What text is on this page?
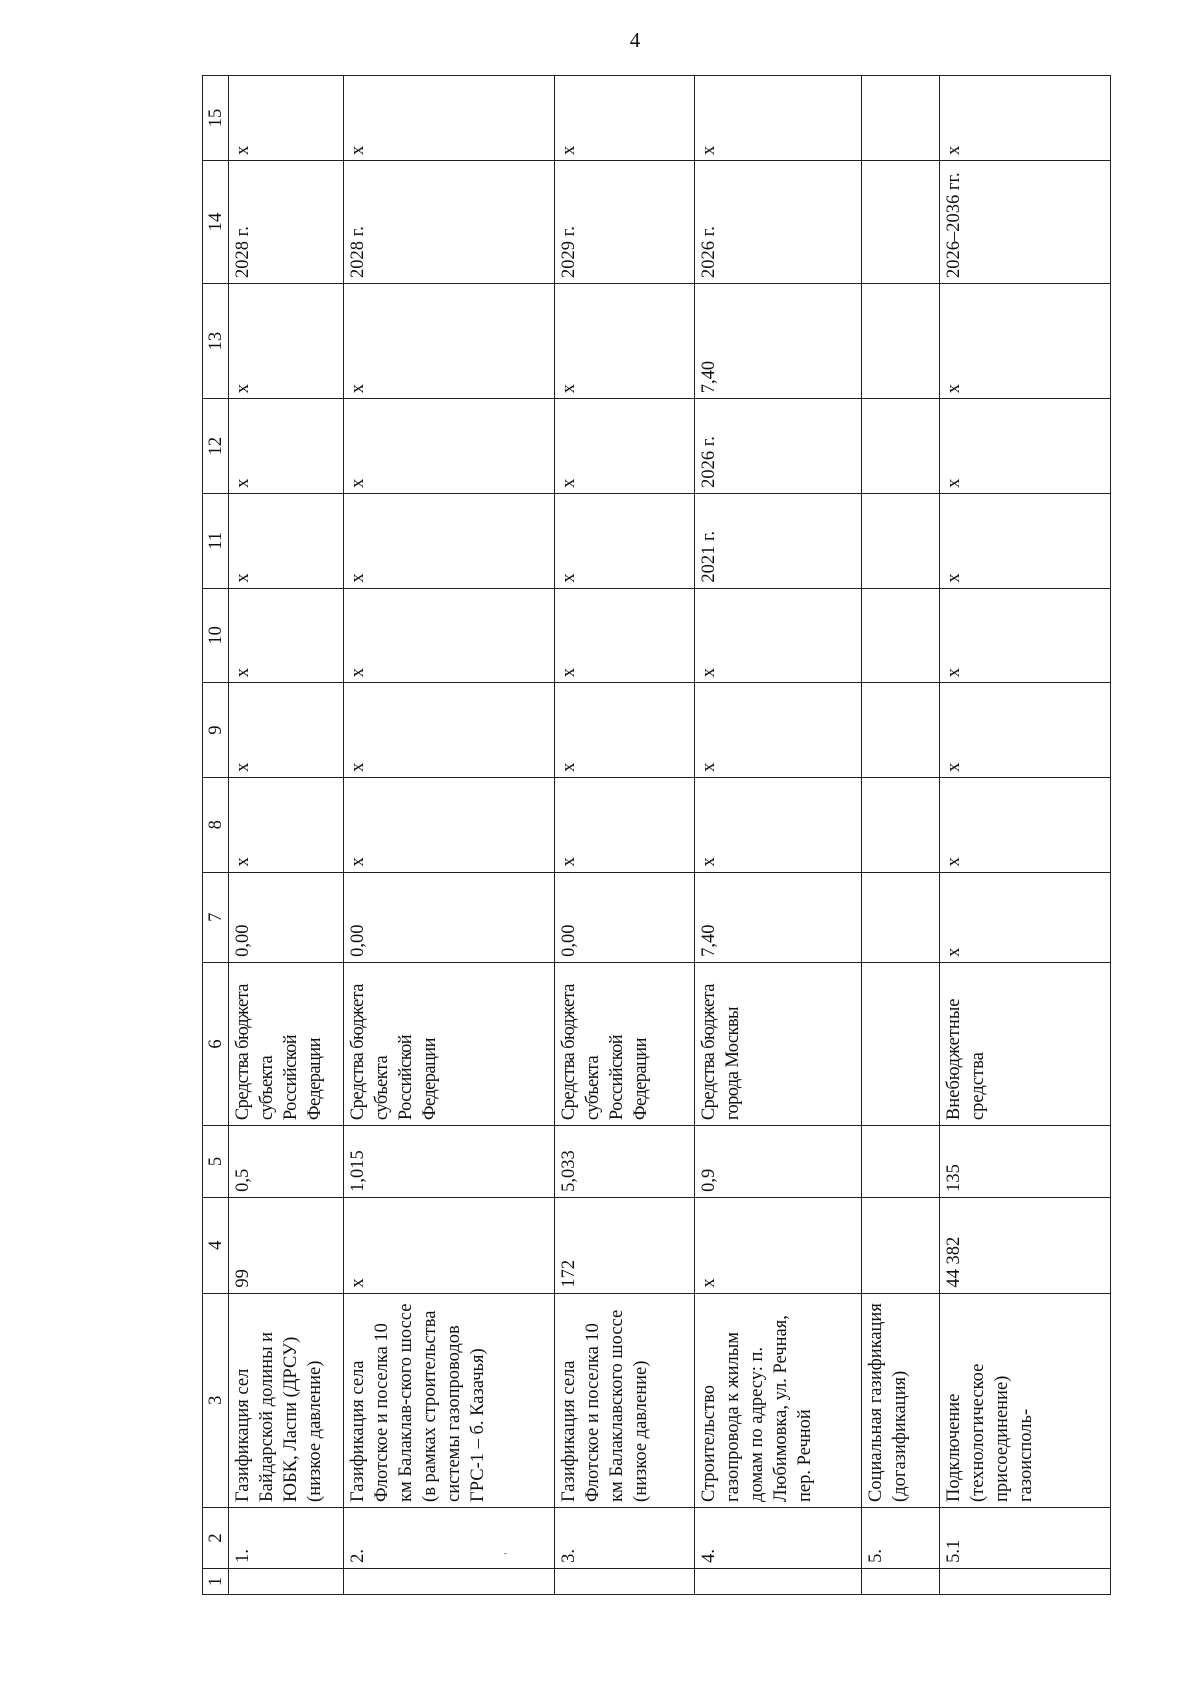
4
1	2	3	4	5	6	7	8	9	10	11	12	13	14	15
	1.	Газификация сел Байдарской долины и ЮБК, Ласпи (ДРСУ) (низкое давление)	99	0,5	Средства бюджета субъекта Российской Федерации	0,00	х	х	х	х	х	х	2028 г.	х
	2.	Газификация села Флотское и поселка 10 км Балаклав-ского шоссе (в рамках строительства системы газопроводов ГРС-1 – б. Казачья)	х	1,015	Средства бюджета субъекта Российской Федерации	0,00	х	х	х	х	х	х	2028 г.	х
	3.	Газификация села Флотское и поселка 10 км Балаклавского шоссе (низкое давление)	172	5,033	Средства бюджета субъекта Российской Федерации	0,00	х	х	х	х	х	х	2029 г.	х
	4.	Строительство газопровода к жилым домам по адресу: п. Любимовка, ул. Речная, пер. Речной	х	0,9	Средства бюджета города Москвы	7,40	х	х	х	2021 г.	2026 г.	7,40	2026 г.	х
	5.	Социальная газификация (догазификация)												
	5.1	Подключение (технологическое присоединение) газоисполь-	44 382	135	Внебюджетные средства	х	х	х	х	х	х	х	2026–2036 гг.	х
